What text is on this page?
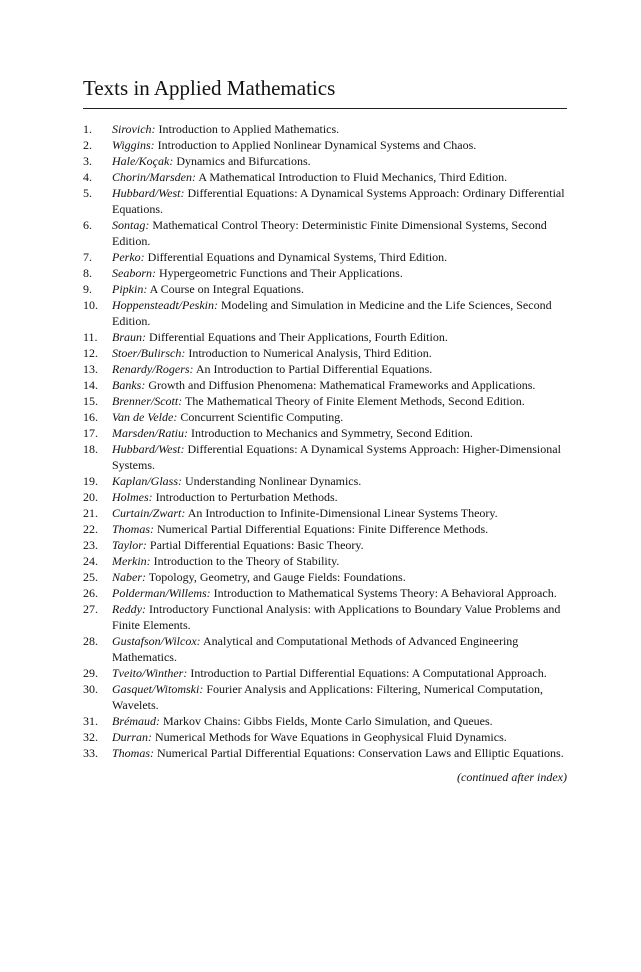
Texts in Applied Mathematics
1.	Sirovich: Introduction to Applied Mathematics.
2.	Wiggins: Introduction to Applied Nonlinear Dynamical Systems and Chaos.
3.	Hale/Koçak: Dynamics and Bifurcations.
4.	Chorin/Marsden: A Mathematical Introduction to Fluid Mechanics, Third Edition.
5.	Hubbard/West: Differential Equations: A Dynamical Systems Approach: Ordinary Differential Equations.
6.	Sontag: Mathematical Control Theory: Deterministic Finite Dimensional Systems, Second Edition.
7.	Perko: Differential Equations and Dynamical Systems, Third Edition.
8.	Seaborn: Hypergeometric Functions and Their Applications.
9.	Pipkin: A Course on Integral Equations.
10.	Hoppensteadt/Peskin: Modeling and Simulation in Medicine and the Life Sciences, Second Edition.
11.	Braun: Differential Equations and Their Applications, Fourth Edition.
12.	Stoer/Bulirsch: Introduction to Numerical Analysis, Third Edition.
13.	Renardy/Rogers: An Introduction to Partial Differential Equations.
14.	Banks: Growth and Diffusion Phenomena: Mathematical Frameworks and Applications.
15.	Brenner/Scott: The Mathematical Theory of Finite Element Methods, Second Edition.
16.	Van de Velde: Concurrent Scientific Computing.
17.	Marsden/Ratiu: Introduction to Mechanics and Symmetry, Second Edition.
18.	Hubbard/West: Differential Equations: A Dynamical Systems Approach: Higher-Dimensional Systems.
19.	Kaplan/Glass: Understanding Nonlinear Dynamics.
20.	Holmes: Introduction to Perturbation Methods.
21.	Curtain/Zwart: An Introduction to Infinite-Dimensional Linear Systems Theory.
22.	Thomas: Numerical Partial Differential Equations: Finite Difference Methods.
23.	Taylor: Partial Differential Equations: Basic Theory.
24.	Merkin: Introduction to the Theory of Stability.
25.	Naber: Topology, Geometry, and Gauge Fields: Foundations.
26.	Polderman/Willems: Introduction to Mathematical Systems Theory: A Behavioral Approach.
27.	Reddy: Introductory Functional Analysis: with Applications to Boundary Value Problems and Finite Elements.
28.	Gustafson/Wilcox: Analytical and Computational Methods of Advanced Engineering Mathematics.
29.	Tveito/Winther: Introduction to Partial Differential Equations: A Computational Approach.
30.	Gasquet/Witomski: Fourier Analysis and Applications: Filtering, Numerical Computation, Wavelets.
31.	Brémaud: Markov Chains: Gibbs Fields, Monte Carlo Simulation, and Queues.
32.	Durran: Numerical Methods for Wave Equations in Geophysical Fluid Dynamics.
33.	Thomas: Numerical Partial Differential Equations: Conservation Laws and Elliptic Equations.
(continued after index)
